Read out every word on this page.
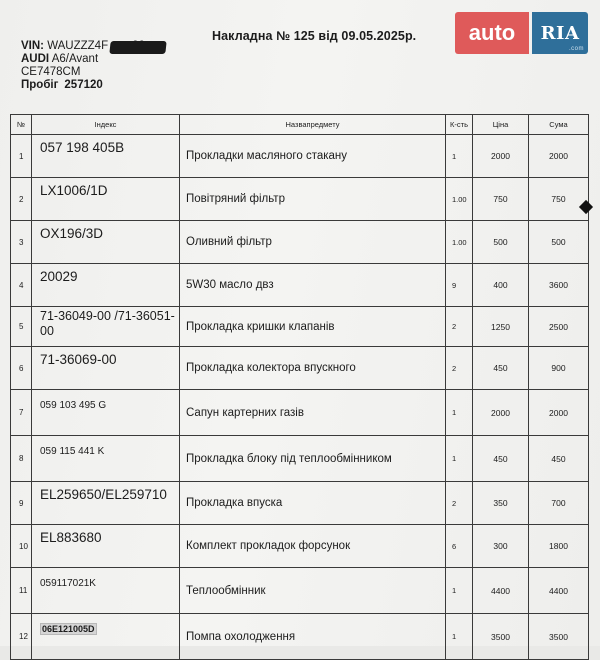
Накладна № 125 від 09.05.2025р.
VIN: WAUZZZ4F
AUDI A6/Avant
CE7478CM
Пробіг 257120
auto	RIA
.com
№	Індекс	Назвапредмету	К-сть	Ціна	Сума
1	057 198 405B	Прокладки масляного стакану	1	2000	2000
2	LX1006/1D	Повітряний фільтр	1.00	750	750
3	OX196/3D	Оливний фільтр	1.00	500	500
4	20029	5W30 масло двз	9	400	3600
5	71-36049-00 /71-36051-00	Прокладка кришки клапанів	2	1250	2500
6	71-36069-00	Прокладка колектора впускного	2	450	900
7	059 103 495 G	Сапун картерних газів	1	2000	2000
8	059 115 441 K	Прокладка блоку під теплообмінником	1	450	450
9	EL259650/EL259710	Прокладка впуска	2	350	700
10	EL883680	Комплект прокладок форсунок	6	300	1800
11	059117021K	Теплообмінник	1	4400	4400
12	06E121005D	Помпа охолодження	1	3500	3500
